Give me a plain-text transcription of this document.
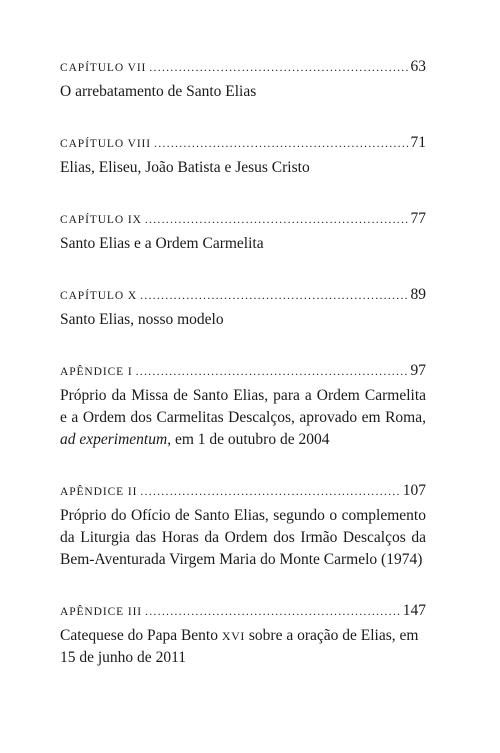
CAPÍTULO VII .....	63
O arrebatamento de Santo Elias
CAPÍTULO VIII .....	71
Elias, Eliseu, João Batista e Jesus Cristo
CAPÍTULO IX .....	77
Santo Elias e a Ordem Carmelita
CAPÍTULO X .....	89
Santo Elias, nosso modelo
APÊNDICE I .....	97
Próprio da Missa de Santo Elias, para a Ordem Carmelita e a Ordem dos Carmelitas Descalços, aprovado em Roma, ad experimentum, em 1 de outubro de 2004
APÊNDICE II .....	107
Próprio do Ofício de Santo Elias, segundo o complemento da Liturgia das Horas da Ordem dos Irmão Descalços da Bem-Aventurada Virgem Maria do Monte Carmelo (1974)
APÊNDICE III .....	147
Catequese do Papa Bento XVI sobre a oração de Elias, em 15 de junho de 2011
